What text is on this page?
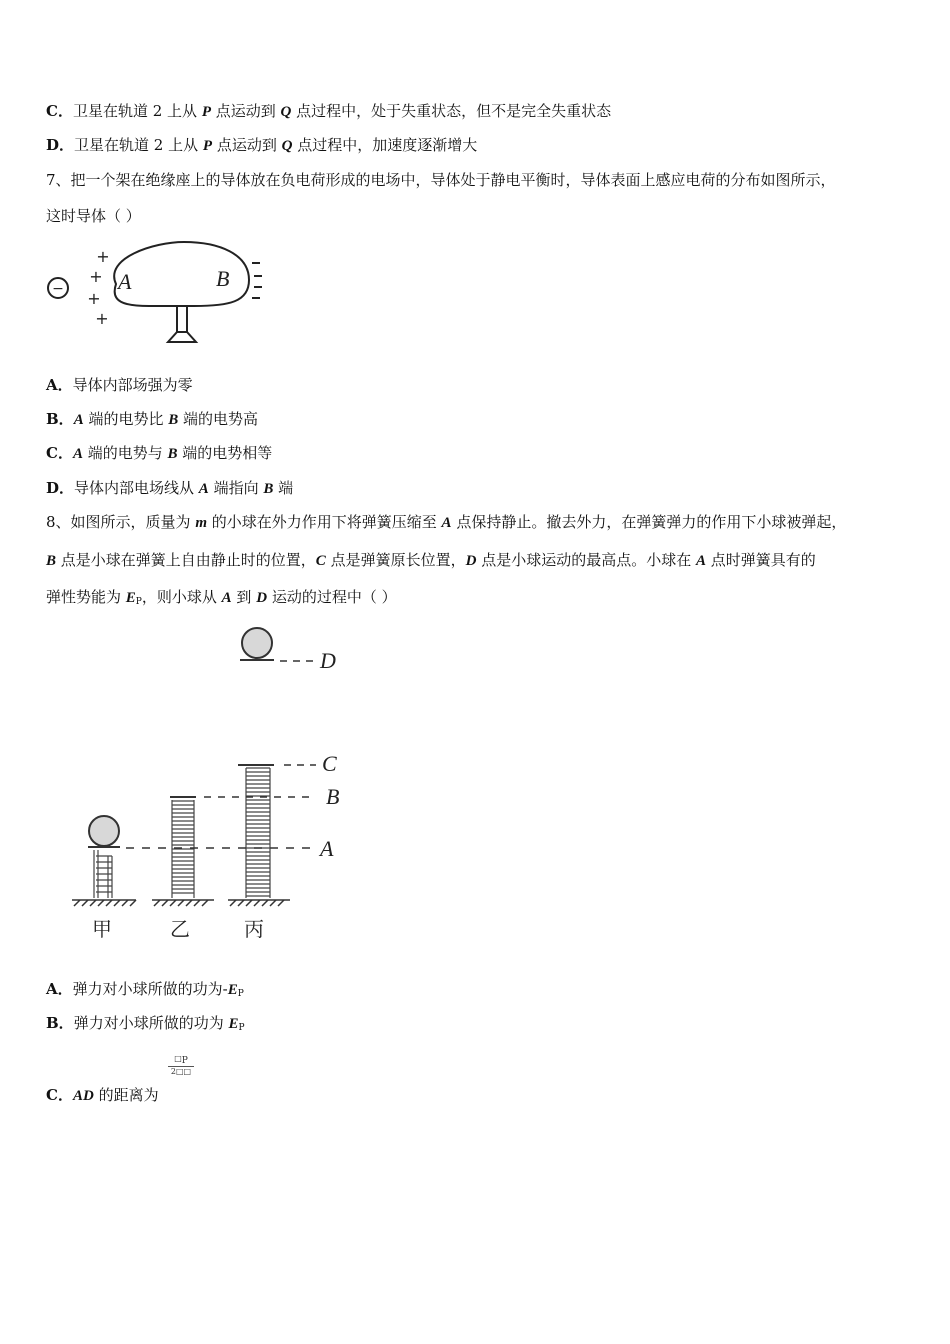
C．卫星在轨道 2 上从 P 点运动到 Q 点过程中，处于失重状态，但不是完全失重状态
D．卫星在轨道 2 上从 P 点运动到 Q 点过程中，加速度逐渐增大
7、把一个架在绝缘座上的导体放在负电荷形成的电场中，导体处于静电平衡时，导体表面上感应电荷的分布如图所示，
这时导体（ ）
−
+
+
+
+
A	B
A．导体内部场强为零
B．A 端的电势比 B 端的电势高
C．A 端的电势与 B 端的电势相等
D．导体内部电场线从 A 端指向 B 端
8、如图所示，质量为 m 的小球在外力作用下将弹簧压缩至 A 点保持静止。撤去外力，在弹簧弹力的作用下小球被弹起，
B 点是小球在弹簧上自由静止时的位置，C 点是弹簧原长位置，D 点是小球运动的最高点。小球在 A 点时弹簧具有的
弹性势能为 $E_P$，则小球从 A 到 D 运动的过程中（ ）
D
C
B
A
甲	乙	丙
A．弹力对小球所做的功为$-E_P$
B．弹力对小球所做的功为 $E_P$
$\frac{□_P}{2□□}$
C．AD 的距离为
